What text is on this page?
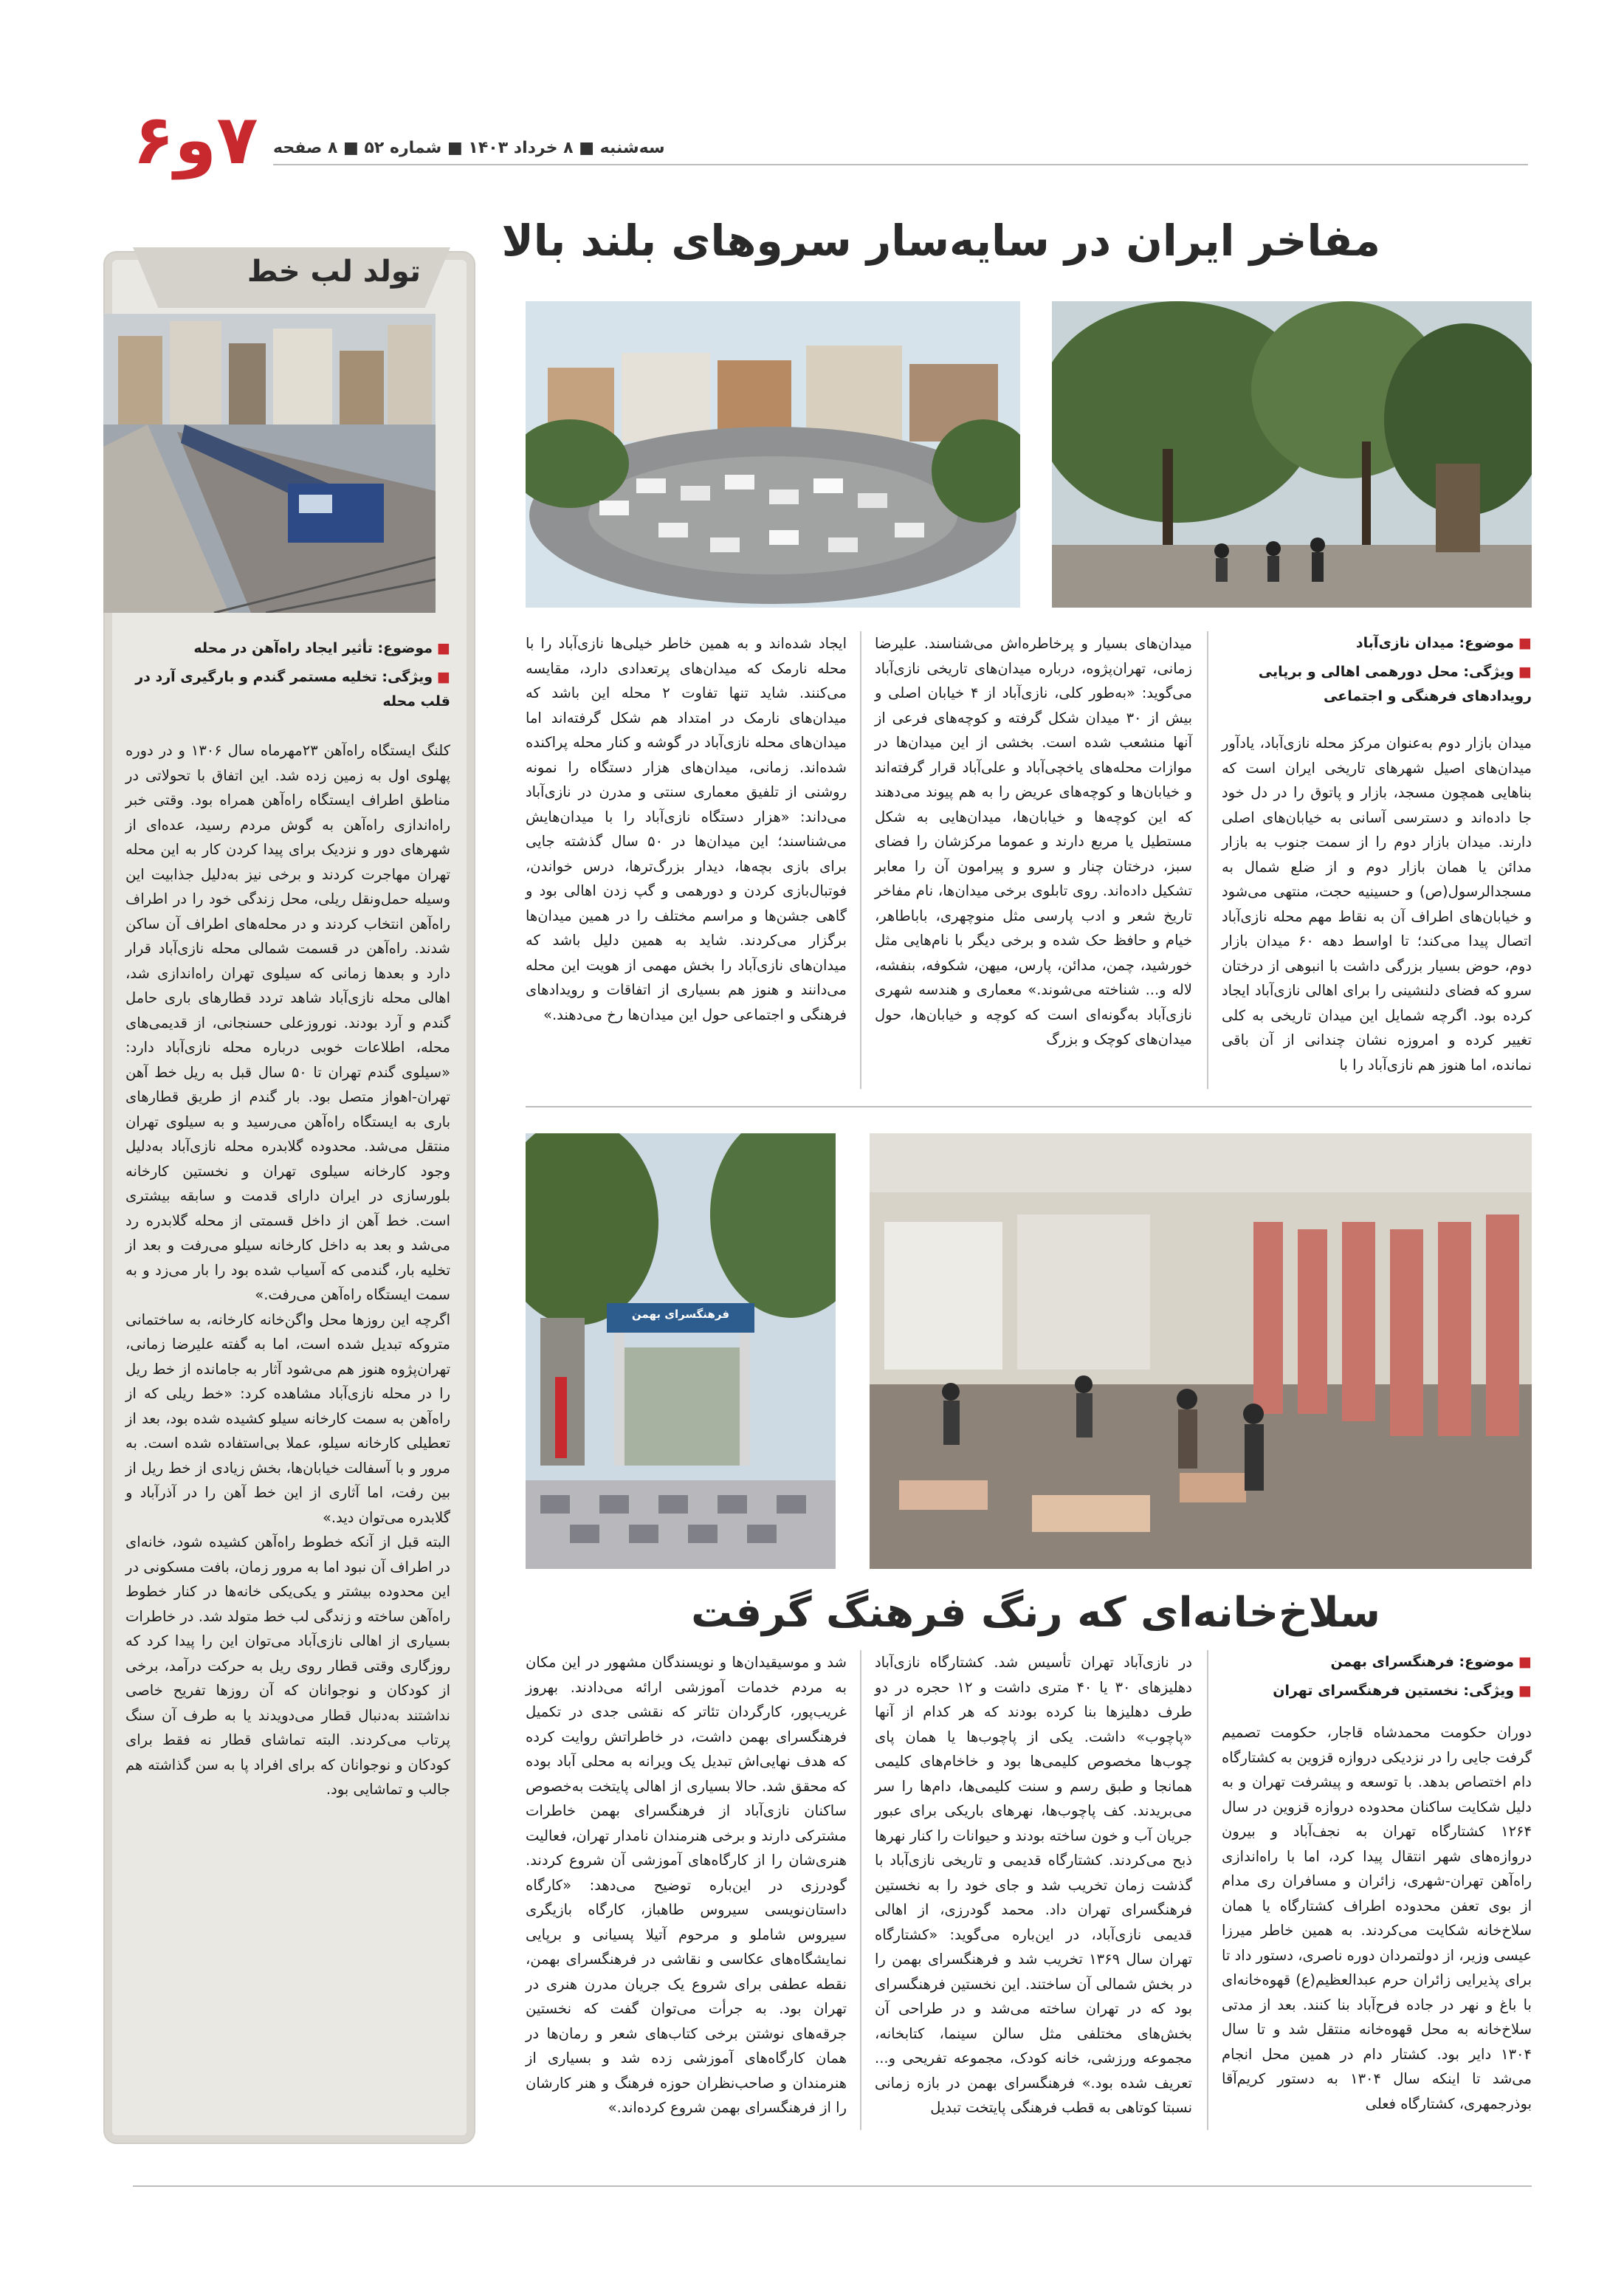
۷و۶ سه‌شنبه ■ ۸ خرداد ۱۴۰۳ ■ شماره ۵۲ ■ ۸ صفحه
تولد لب خط

■موضوع: تأثیر ایجاد راه‌آهن در محله

■ویژگی: تخلیه مستمر گندم و بارگیری آرد در قلب محله

کلنگ ایستگاه راه‌آهن ۲۳مهرماه سال ۱۳۰۶ و در دوره پهلوی اول به زمین زده شد. این اتفاق با تحولاتی در مناطق اطراف ایستگاه راه‌آهن همراه بود. وقتی خبر راه‌اندازی راه‌آهن به گوش مردم رسید، عده‌ای از شهرهای دور و نزدیک برای پیدا کردن کار به این محله تهران مهاجرت کردند و برخی نیز به‌دلیل جذابیت این وسیله حمل‌ونقل ریلی، محل زندگی خود را در اطراف راه‌آهن انتخاب کردند و در محله‌های اطراف آن ساکن شدند. راه‌آهن در قسمت شمالی محله نازی‌آباد قرار دارد و بعدها زمانی که سیلوی تهران راه‌اندازی شد، اهالی محله نازی‌آباد شاهد تردد قطارهای باری حامل گندم و آرد بودند. نوروزعلی حسنجانی، از قدیمی‌های محله، اطلاعات خوبی درباره محله نازی‌آباد دارد: «سیلوی گندم تهران تا ۵۰ سال قبل به ریل خط آهن تهران-اهواز متصل بود. بار گندم از طریق قطارهای باری به ایستگاه راه‌آهن می‌رسید و به سیلوی تهران منتقل می‌شد. محدوده گلابدره محله نازی‌آباد به‌دلیل وجود کارخانه سیلوی تهران و نخستین کارخانه بلورسازی در ایران دارای قدمت و سابقه بیشتری است. خط آهن از داخل قسمتی از محله گلابدره رد می‌شد و بعد به داخل کارخانه سیلو می‌رفت و بعد از تخلیه بار، گندمی که آسیاب شده بود را بار می‌زد و به سمت ایستگاه راه‌آهن می‌رفت.»

اگرچه این روزها محل واگن‌خانه کارخانه، به ساختمانی متروکه تبدیل شده است، اما به گفته علیرضا زمانی، تهران‌پژوه هنوز هم می‌شود آثار به جامانده از خط ریل را در محله نازی‌آباد مشاهده کرد: «خط ریلی که از راه‌آهن به سمت کارخانه سیلو کشیده شده بود، بعد از تعطیلی کارخانه سیلو، عملا بی‌استفاده شده است. به مرور و با آسفالت خیابان‌ها، بخش زیادی از خط ریل از بین رفت، اما آثاری از این خط آهن را در آذرآباد و گلابدره می‌توان دید.»

البته قبل از آنکه خطوط راه‌آهن کشیده شود، خانه‌ای در اطراف آن نبود اما به مرور زمان، بافت مسکونی در این محدوده بیشتر و یکی‌یکی خانه‌ها در کنار خطوط راه‌آهن ساخته و زندگی لب خط متولد شد. در خاطرات بسیاری از اهالی نازی‌آباد می‌توان این را پیدا کرد که روزگاری وقتی قطار روی ریل به حرکت درآمد، برخی از کودکان و نوجوانان که آن روزها تفریح خاصی نداشتند به‌دنبال قطار می‌دویدند یا به طرف آن سنگ پرتاب می‌کردند. البته تماشای قطار نه فقط برای کودکان و نوجوانان که برای افراد پا به سن گذاشته هم جالب و تماشایی بود.

مفاخر ایران در سایه‌سار سروهای بلند بالا

■موضوع: میدان نازی‌آباد

■ویژگی: محل دورهمی اهالی و برپایی رویدادهای فرهنگی و اجتماعی

میدان بازار دوم به‌عنوان مرکز محله نازی‌آباد، یادآور میدان‌های اصیل شهرهای تاریخی ایران است که بناهایی همچون مسجد، بازار و پاتوق را در دل خود جا داده‌اند و دسترسی آسانی به خیابان‌های اصلی دارند. میدان بازار دوم را از سمت جنوب به بازار مدائن یا همان بازار دوم و از ضلع شمال به مسجدالرسول(ص) و حسینیه حجت، منتهی می‌شود و خیابان‌های اطراف آن به نقاط مهم محله نازی‌آباد اتصال پیدا می‌کند؛ تا اواسط دهه ۶۰ میدان بازار دوم، حوض بسیار بزرگی داشت با انبوهی از درختان سرو که فضای دلنشینی را برای اهالی نازی‌آباد ایجاد کرده بود. اگرچه شمایل این میدان تاریخی به کلی تغییر کرده و امروزه نشان چندانی از آن باقی نمانده، اما هنوز هم نازی‌آباد را با
میدان‌های بسیار و پرخاطره‌اش می‌شناسند. علیرضا زمانی، تهران‌پژوه، درباره میدان‌های تاریخی نازی‌آباد می‌گوید: «به‌طور کلی، نازی‌آباد از ۴ خیابان اصلی و بیش از ۳۰ میدان شکل گرفته و کوچه‌های فرعی از آنها منشعب شده است. بخشی از این میدان‌ها در موازات محله‌های یاخچی‌آباد و علی‌آباد قرار گرفته‌اند و خیابان‌ها و کوچه‌های عریض را به هم پیوند می‌دهند که این کوچه‌ها و خیابان‌ها، میدان‌هایی به شکل مستطیل یا مربع دارند و عموما مرکزشان را فضای سبز، درختان چنار و سرو و پیرامون آن را معابر تشکیل داده‌اند. روی تابلوی برخی میدان‌ها، نام مفاخر تاریخ شعر و ادب پارسی مثل منوچهری، باباطاهر، خیام و حافظ حک شده و برخی دیگر با نام‌هایی مثل خورشید، چمن، مدائن، پارس، میهن، شکوفه، بنفشه، لاله و... شناخته می‌شوند.» معماری و هندسه شهری نازی‌آباد به‌گونه‌ای است که کوچه و خیابان‌ها، حول میدان‌های کوچک و بزرگ
ایجاد شده‌اند و به همین خاطر خیلی‌ها نازی‌آباد را با محله نارمک که میدان‌های پرتعدادی دارد، مقایسه می‌کنند. شاید تنها تفاوت ۲ محله این باشد که میدان‌های نارمک در امتداد هم شکل گرفته‌اند اما میدان‌های محله نازی‌آباد در گوشه و کنار محله پراکنده شده‌اند. زمانی، میدان‌های هزار دستگاه را نمونه روشنی از تلفیق معماری سنتی و مدرن در نازی‌آباد می‌داند: «هزار دستگاه نازی‌آباد را با میدان‌هایش می‌شناسند؛ این میدان‌ها در ۵۰ سال گذشته جایی برای بازی بچه‌ها، دیدار بزرگ‌ترها، درس خواندن، فوتبال‌بازی کردن و دورهمی و گپ زدن اهالی بود و گاهی جشن‌ها و مراسم مختلف را در همین میدان‌ها برگزار می‌کردند. شاید به همین دلیل باشد که میدان‌های نازی‌آباد را بخش مهمی از هویت این محله می‌دانند و هنوز هم بسیاری از اتفاقات و رویدادهای فرهنگی و اجتماعی حول این میدان‌ها رخ می‌دهند.»
فرهنگسرای بهمن
سلاخ‌خانه‌ای که رنگ فرهنگ گرفت

■موضوع: فرهنگسرای بهمن

■ویژگی: نخستین فرهنگسرای تهران

دوران حکومت محمدشاه قاجار، حکومت تصمیم گرفت جایی را در نزدیکی دروازه قزوین به کشتارگاه دام اختصاص بدهد. با توسعه و پیشرفت تهران و به دلیل شکایت ساکنان محدوده دروازه قزوین در سال ۱۲۶۴ کشتارگاه تهران به نجف‌آباد و بیرون دروازه‌های شهر انتقال پیدا کرد، اما با راه‌اندازی راه‌آهن تهران-شهری، زائران و مسافران ری مدام از بوی تعفن محدوده اطراف کشتارگاه یا همان سلاخ‌خانه شکایت می‌کردند. به همین خاطر میرزا عیسی وزیر، از دولتمردان دوره ناصری، دستور داد تا برای پذیرایی زائران حرم عبدالعظیم(ع) قهوه‌خانه‌ای با باغ و نهر در جاده فرح‌آباد بنا کنند. بعد از مدتی سلاخ‌خانه به محل قهوه‌خانه منتقل شد و تا سال ۱۳۰۴ دایر بود. کشتار دام در همین محل انجام می‌شد تا اینکه سال ۱۳۰۴ به دستور کریم‌آقا بوذرجمهری، کشتارگاه فعلی
در نازی‌آباد تهران تأسیس شد. کشتارگاه نازی‌آباد دهلیزهای ۳۰ یا ۴۰ متری داشت و ۱۲ حجره در دو طرف دهلیزها بنا کرده بودند که هر کدام از آنها «پاچوب» داشت. یکی از پاچوب‌ها یا همان پای چوب‌ها مخصوص کلیمی‌ها بود و خاخام‌های کلیمی همانجا و طبق رسم و سنت کلیمی‌ها، دام‌ها را سر می‌بریدند. کف پاچوب‌ها، نهرهای باریکی برای عبور جریان آب و خون ساخته بودند و حیوانات را کنار نهرها ذبح می‌کردند. کشتارگاه قدیمی و تاریخی نازی‌آباد با گذشت زمان تخریب شد و جای خود را به نخستین فرهنگسرای تهران داد. محمد گودرزی، از اهالی قدیمی نازی‌آباد، در این‌باره می‌گوید: «کشتارگاه تهران سال ۱۳۶۹ تخریب شد و فرهنگسرای بهمن را در بخش شمالی آن ساختند. این نخستین فرهنگسرای بود که در تهران ساخته می‌شد و در طراحی آن بخش‌های مختلفی مثل سالن سینما، کتابخانه، مجموعه ورزشی، خانه کودک، مجموعه تفریحی و... تعریف شده بود.» فرهنگسرای بهمن در بازه زمانی نسبتا کوتاهی به قطب فرهنگی پایتخت تبدیل
شد و موسیقیدان‌ها و نویسندگان مشهور در این مکان به مردم خدمات آموزشی ارائه می‌دادند. بهروز غریب‌پور، کارگردان تئاتر که نقشی جدی در تکمیل فرهنگسرای بهمن داشت، در خاطراتش روایت کرده که هدف نهایی‌اش تبدیل یک ویرانه به محلی آباد بوده که محقق شد. حالا بسیاری از اهالی پایتخت به‌خصوص ساکنان نازی‌آباد از فرهنگسرای بهمن خاطرات مشترکی دارند و برخی هنرمندان نامدار تهران، فعالیت هنری‌شان را از کارگاه‌های آموزشی آن شروع کردند. گودرزی در این‌باره توضیح می‌دهد: «کارگاه داستان‌نویسی سیروس طاهباز، کارگاه بازیگری سیروس شاملو و مرحوم آتیلا پسیانی و برپایی نمایشگاه‌های عکاسی و نقاشی در فرهنگسرای بهمن، نقطه عطفی برای شروع یک جریان مدرن هنری در تهران بود. به جرأت می‌توان گفت که نخستین جرقه‌های نوشتن برخی کتاب‌های شعر و رمان‌ها در همان کارگاه‌های آموزشی زده شد و بسیاری از هنرمندان و صاحب‌نظران حوزه فرهنگ و هنر کارشان را از فرهنگسرای بهمن شروع کرده‌اند.»
